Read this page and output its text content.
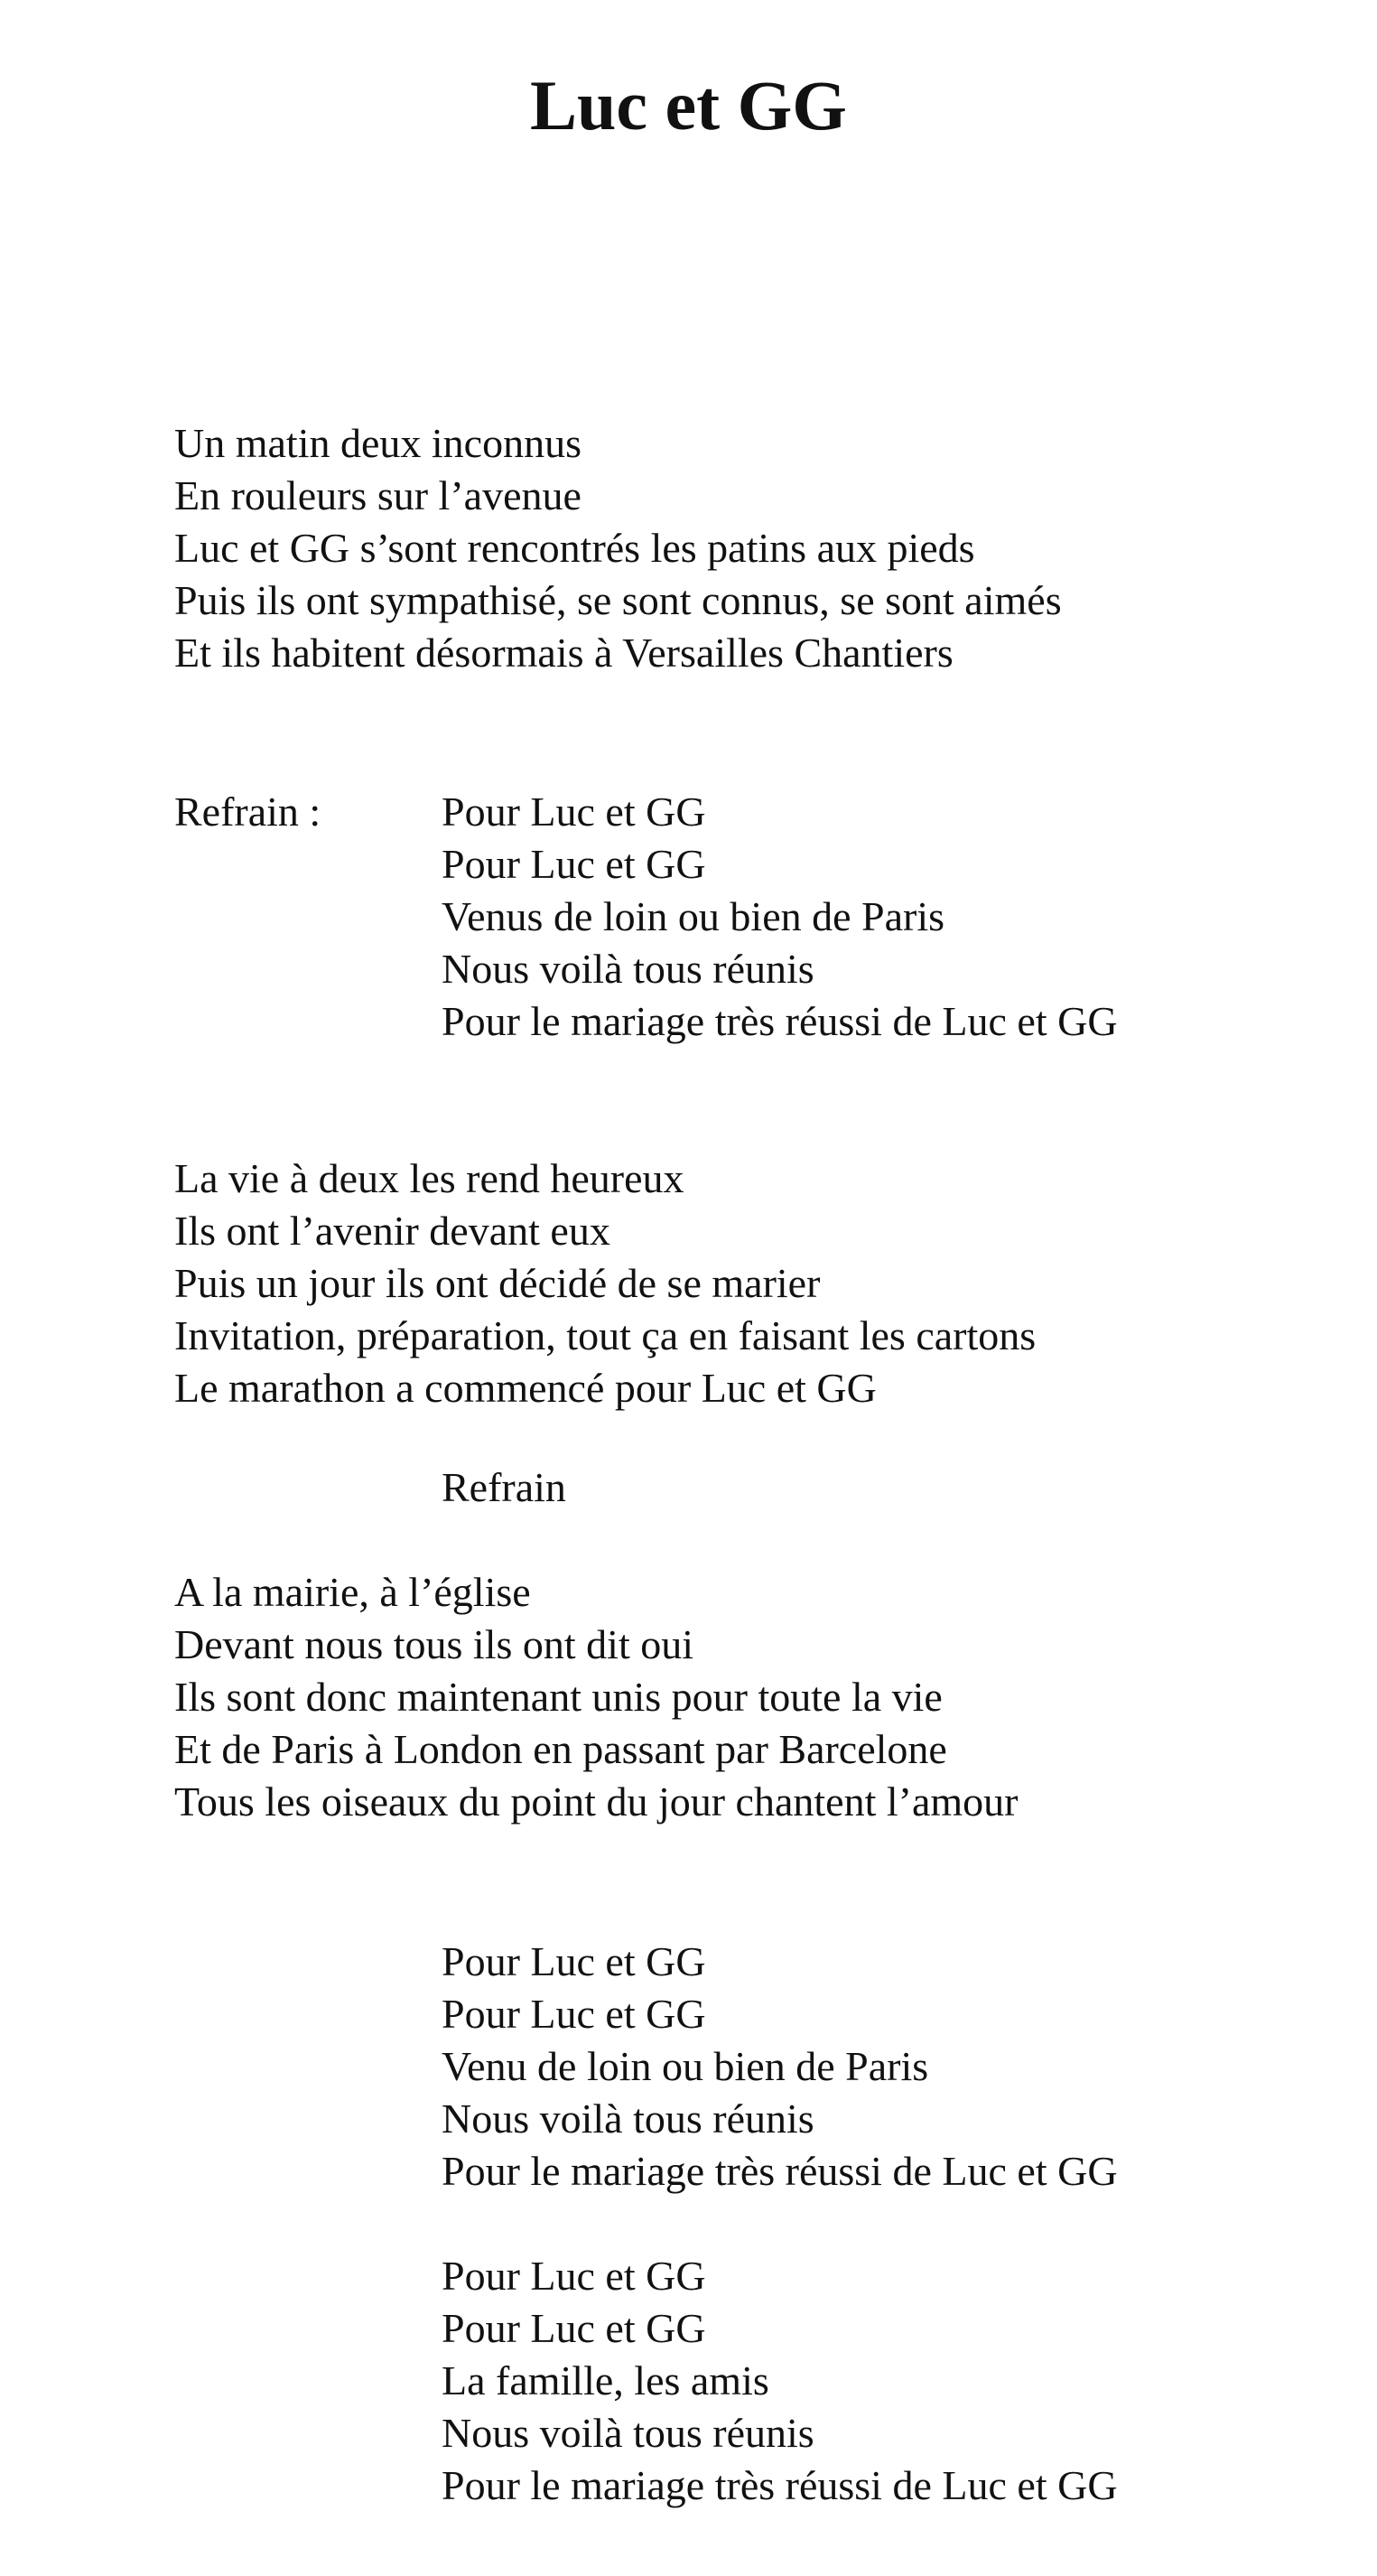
Luc et GG
Un matin deux inconnus
En rouleurs sur l’avenue
Luc et GG s’sont rencontrés les patins aux pieds
Puis ils ont sympathisé, se sont connus, se sont aimés
Et ils habitent désormais à Versailles Chantiers
Refrain :	Pour Luc et GG
Pour Luc et GG
Venus de loin ou bien de Paris
Nous voilà tous réunis
Pour le mariage très réussi de Luc et GG
La vie à deux les rend heureux
Ils ont l’avenir devant eux
Puis un jour ils ont décidé de se marier
Invitation, préparation, tout ça en faisant les cartons
Le marathon a commencé pour Luc et GG
Refrain
A la mairie, à l’église
Devant nous tous ils ont dit oui
Ils sont donc maintenant unis pour toute la vie
Et de Paris à London en passant par Barcelone
Tous les oiseaux du point du jour chantent l’amour
Pour Luc et GG
Pour Luc et GG
Venu de loin ou bien de Paris
Nous voilà tous réunis
Pour le mariage très réussi de Luc et GG
Pour Luc et GG
Pour Luc et GG
La famille, les amis
Nous voilà tous réunis
Pour le mariage très réussi de Luc et GG
